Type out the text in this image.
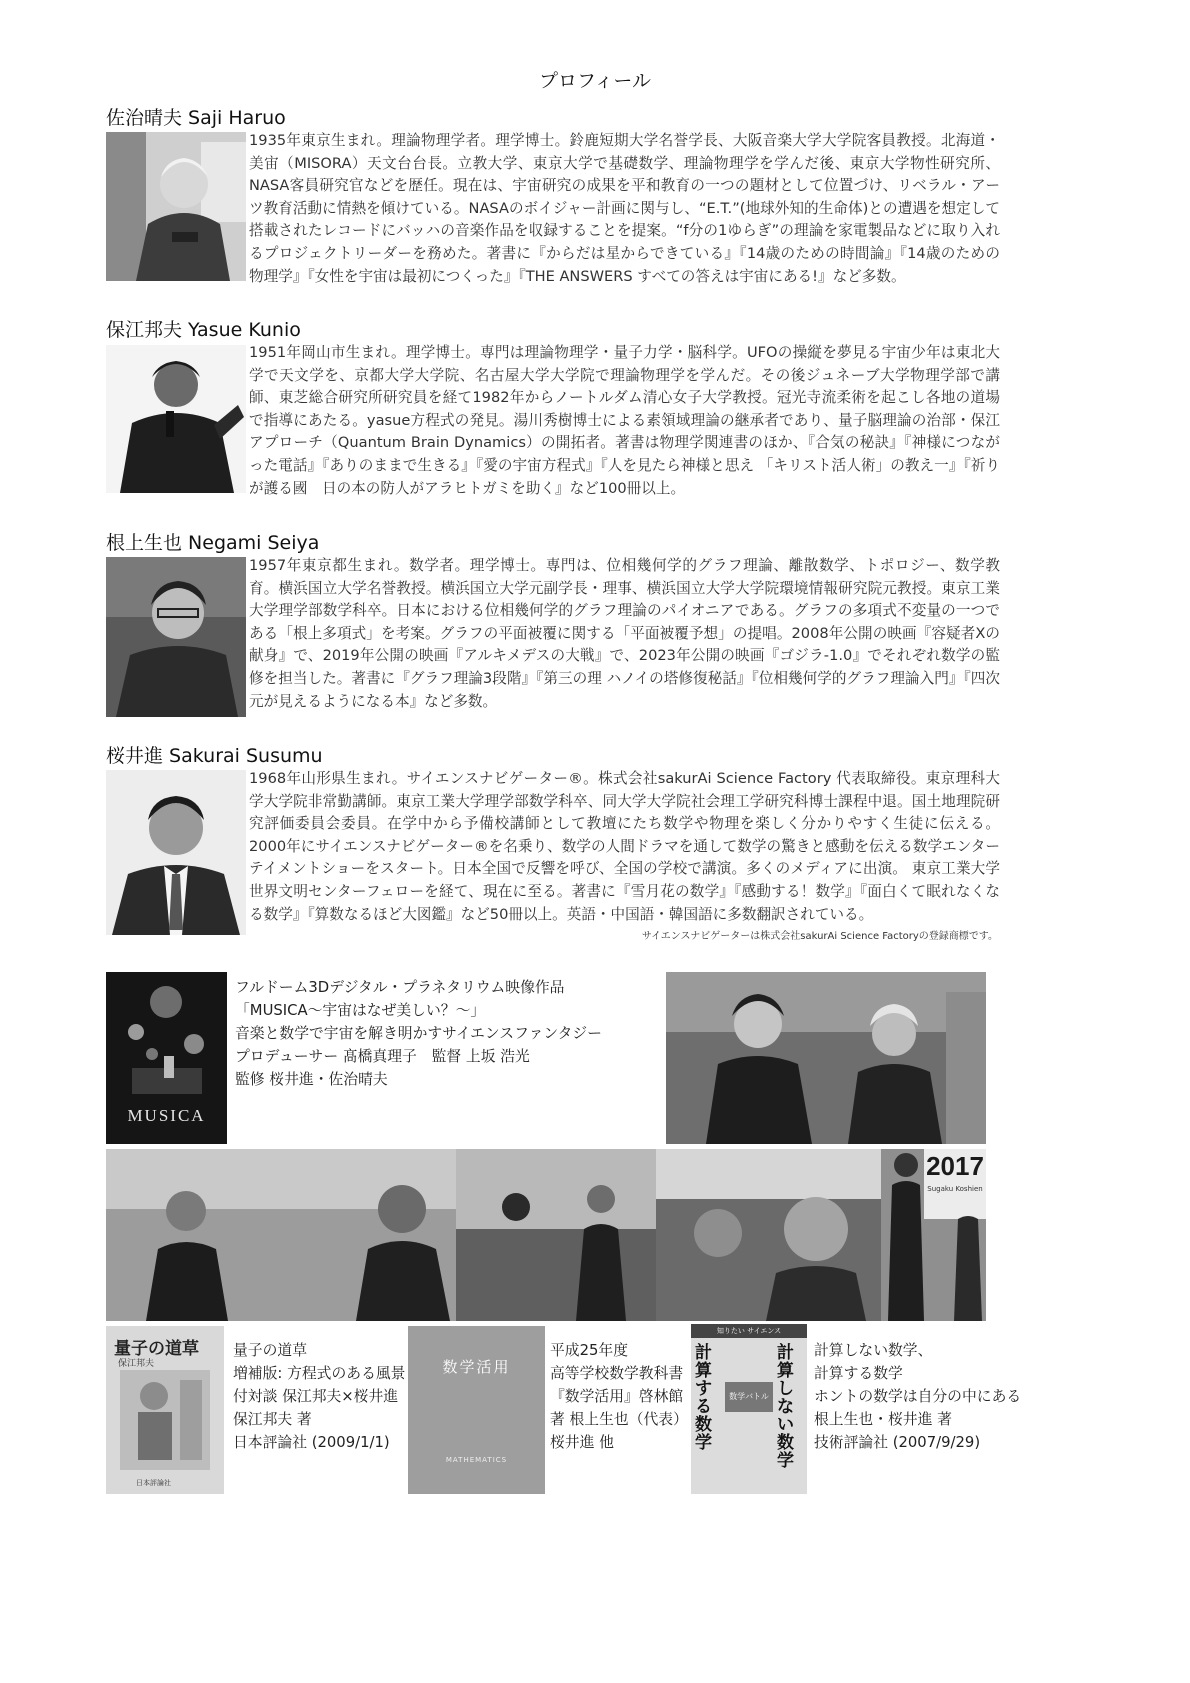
プロフィール
佐治晴夫 Saji Haruo
1935年東京生まれ。理論物理学者。理学博士。鈴鹿短期大学名誉学長、大阪音楽大学大学院客員教授。北海道・美宙（MISORA）天文台台長。立教大学、東京大学で基礎数学、理論物理学を学んだ後、東京大学物性研究所、NASA客員研究官などを歴任。現在は、宇宙研究の成果を平和教育の一つの題材として位置づけ、リベラル・アーツ教育活動に情熱を傾けている。NASAのボイジャー計画に関与し、“E.T.”(地球外知的生命体)との遭遇を想定して搭載されたレコードにバッハの音楽作品を収録することを提案。“f分の1ゆらぎ”の理論を家電製品などに取り入れるプロジェクトリーダーを務めた。著書に『からだは星からできている』『14歳のための時間論』『14歳のための物理学』『女性を宇宙は最初につくった』『THE ANSWERS すべての答えは宇宙にある!』など多数。
保江邦夫 Yasue Kunio
1951年岡山市生まれ。理学博士。専門は理論物理学・量子力学・脳科学。UFOの操縦を夢見る宇宙少年は東北大学で天文学を、京都大学大学院、名古屋大学大学院で理論物理学を学んだ。その後ジュネーブ大学物理学部で講師、東芝総合研究所研究員を経て1982年からノートルダム清心女子大学教授。冠光寺流柔術を起こし各地の道場で指導にあたる。yasue方程式の発見。湯川秀樹博士による素領域理論の継承者であり、量子脳理論の治部・保江アプローチ（Quantum Brain Dynamics）の開拓者。著書は物理学関連書のほか、『合気の秘訣』『神様につながった電話』『ありのままで生きる』『愛の宇宙方程式』『人を見たら神様と思え 「キリスト活人術」の教え一』『祈りが護る國　日の本の防人がアラヒトガミを助く』など100冊以上。
根上生也 Negami Seiya
1957年東京都生まれ。数学者。理学博士。専門は、位相幾何学的グラフ理論、離散数学、トポロジー、数学教育。横浜国立大学名誉教授。横浜国立大学元副学長・理事、横浜国立大学大学院環境情報研究院元教授。東京工業大学理学部数学科卒。日本における位相幾何学的グラフ理論のパイオニアである。グラフの多項式不変量の一つである「根上多項式」を考案。グラフの平面被覆に関する「平面被覆予想」の提唱。2008年公開の映画『容疑者Xの献身』で、2019年公開の映画『アルキメデスの大戦』で、2023年公開の映画『ゴジラ-1.0』でそれぞれ数学の監修を担当した。著書に『グラフ理論3段階』『第三の理 ハノイの塔修復秘話』『位相幾何学的グラフ理論入門』『四次元が見えるようになる本』など多数。
桜井進 Sakurai Susumu
1968年山形県生まれ。サイエンスナビゲーター®。株式会社sakurAi Science Factory 代表取締役。東京理科大学大学院非常勤講師。東京工業大学理学部数学科卒、同大学大学院社会理工学研究科博士課程中退。国土地理院研究評価委員会委員。在学中から予備校講師として教壇にたち数学や物理を楽しく分かりやすく生徒に伝える。2000年にサイエンスナビゲーター®を名乗り、数学の人間ドラマを通して数学の驚きと感動を伝える数学エンターテイメントショーをスタート。日本全国で反響を呼び、全国の学校で講演。多くのメディアに出演。 東京工業大学世界文明センターフェローを経て、現在に至る。著書に『雪月花の数学』『感動する！数学』『面白くて眠れなくなる数学』『算数なるほど大図鑑』など50冊以上。英語・中国語・韓国語に多数翻訳されている。
サイエンスナビゲーターは株式会社sakurAi Science Factoryの登録商標です。
MUSICA
フルドーム3Dデジタル・プラネタリウム映像作品
「MUSICA〜宇宙はなぜ美しい？〜」
音楽と数学で宇宙を解き明かすサイエンスファンタジー
プロデューサー 髙橋真理子　監督 上坂 浩光
監修 桜井進・佐治晴夫
2017
Sugaku Koshien
量子の道草
保江邦夫
日本評論社
量子の道草
増補版: 方程式のある風景
付対談 保江邦夫×桜井進
保江邦夫 著
日本評論社 (2009/1/1)
数学活用
MATHEMATICS
平成25年度
高等学校数学教科書
『数学活用』啓林館
著 根上生也（代表）
桜井進 他
知りたい サイエンス
計算する数学
計算しない数学
数学バトル
計算しない数学、
計算する数学
ホントの数学は自分の中にある
根上生也・桜井進 著
技術評論社 (2007/9/29)
